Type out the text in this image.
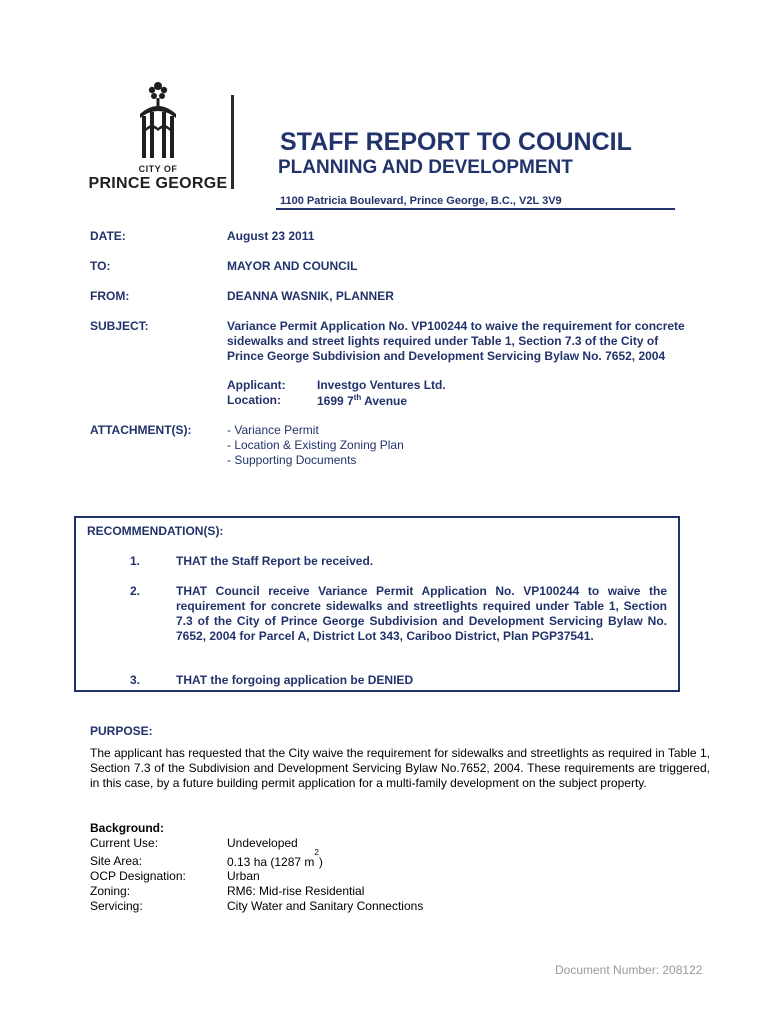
CITY OF
PRINCE GEORGE
STAFF REPORT TO COUNCIL
PLANNING AND DEVELOPMENT
1100 Patricia Boulevard, Prince George, B.C., V2L 3V9
DATE:	August 23 2011
TO:	MAYOR AND COUNCIL
FROM:	DEANNA WASNIK, PLANNER
SUBJECT:	Variance Permit Application No. VP100244 to waive the requirement for concrete
sidewalks and street lights required under Table 1, Section 7.3 of the City of
Prince George Subdivision and Development Servicing Bylaw No. 7652, 2004
Applicant:	Investgo Ventures Ltd.
Location:	1699 7th Avenue
ATTACHMENT(S):	- Variance Permit
- Location & Existing Zoning Plan
- Supporting Documents
RECOMMENDATION(S):
1.	THAT the Staff Report be received.
2.	THAT Council receive Variance Permit Application No. VP100244 to waive the requirement for concrete sidewalks and streetlights required under Table 1, Section 7.3 of the City of Prince George Subdivision and Development Servicing Bylaw No. 7652, 2004 for Parcel A, District Lot 343, Cariboo District, Plan PGP37541.
3.	THAT the forgoing application be DENIED
PURPOSE:
The applicant has requested that the City waive the requirement for sidewalks and streetlights as required in Table 1, Section 7.3 of the Subdivision and Development Servicing Bylaw No.7652, 2004. These requirements are triggered, in this case, by a future building permit application for a multi-family development on the subject property.
Background:
Current Use:	Undeveloped
Site Area:	0.13 ha (1287 $m^2$)
OCP Designation:	Urban
Zoning:	RM6: Mid-rise Residential
Servicing:	City Water and Sanitary Connections
Document Number: 208122
